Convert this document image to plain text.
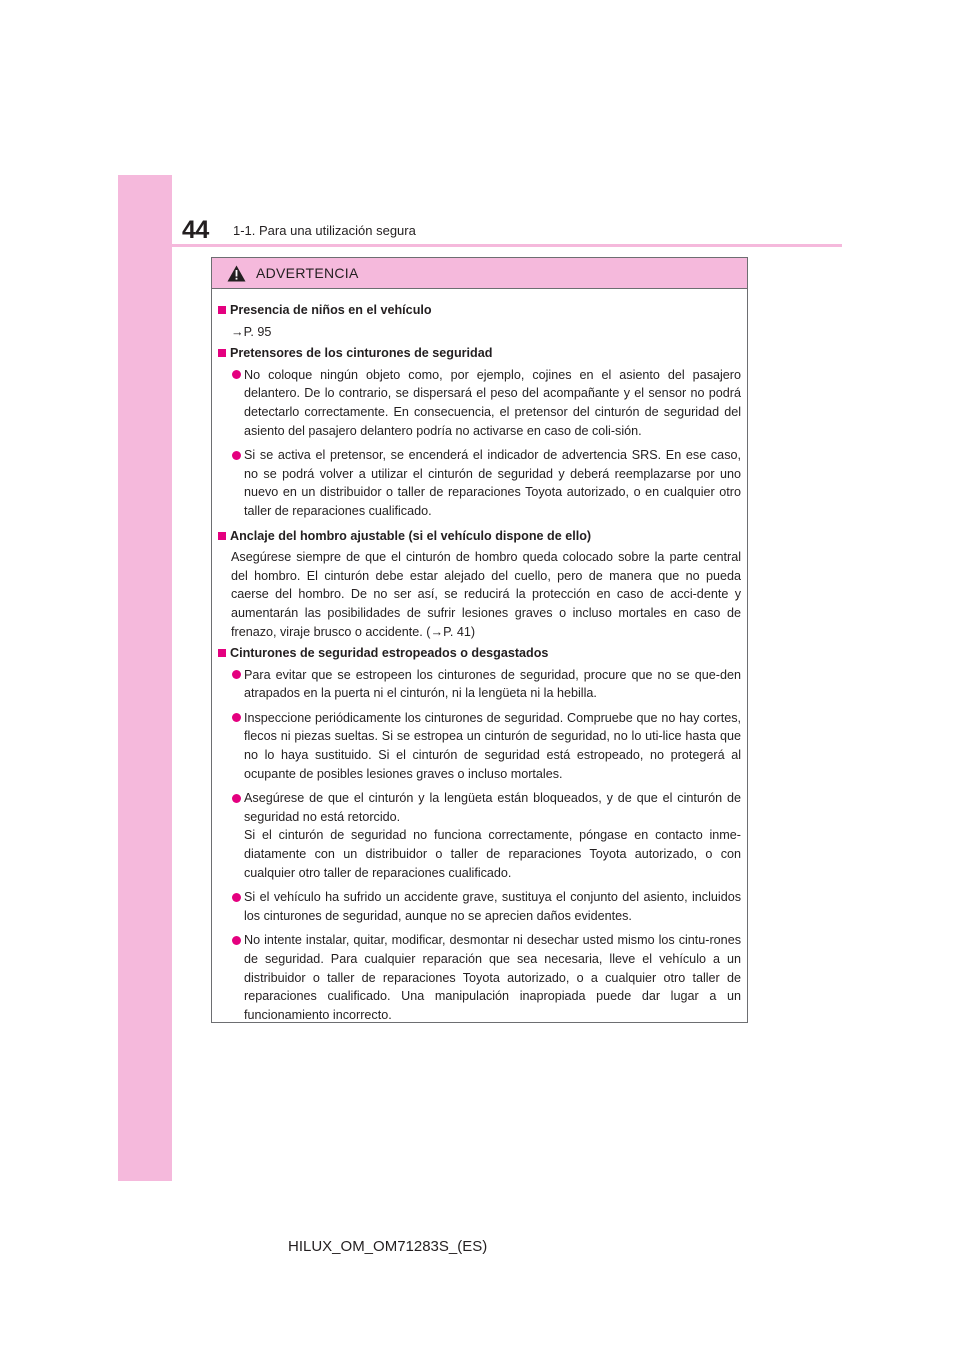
44 1-1. Para una utilización segura
ADVERTENCIA
Presencia de niños en el vehículo
→P. 95
Pretensores de los cinturones de seguridad
No coloque ningún objeto como, por ejemplo, cojines en el asiento del pasajero delantero. De lo contrario, se dispersará el peso del acompañante y el sensor no podrá detectarlo correctamente. En consecuencia, el pretensor del cinturón de seguridad del asiento del pasajero delantero podría no activarse en caso de coli-sión.
Si se activa el pretensor, se encenderá el indicador de advertencia SRS. En ese caso, no se podrá volver a utilizar el cinturón de seguridad y deberá reemplazarse por uno nuevo en un distribuidor o taller de reparaciones Toyota autorizado, o en cualquier otro taller de reparaciones cualificado.
Anclaje del hombro ajustable (si el vehículo dispone de ello)
Asegúrese siempre de que el cinturón de hombro queda colocado sobre la parte central del hombro. El cinturón debe estar alejado del cuello, pero de manera que no pueda caerse del hombro. De no ser así, se reducirá la protección en caso de acci-dente y aumentarán las posibilidades de sufrir lesiones graves o incluso mortales en caso de frenazo, viraje brusco o accidente. (→P. 41)
Cinturones de seguridad estropeados o desgastados
Para evitar que se estropeen los cinturones de seguridad, procure que no se que-den atrapados en la puerta ni el cinturón, ni la lengüeta ni la hebilla.
Inspeccione periódicamente los cinturones de seguridad. Compruebe que no hay cortes, flecos ni piezas sueltas. Si se estropea un cinturón de seguridad, no lo uti-lice hasta que no lo haya sustituido. Si el cinturón de seguridad está estropeado, no protegerá al ocupante de posibles lesiones graves o incluso mortales.
Asegúrese de que el cinturón y la lengüeta están bloqueados, y de que el cinturón de seguridad no está retorcido.
Si el cinturón de seguridad no funciona correctamente, póngase en contacto inme-diatamente con un distribuidor o taller de reparaciones Toyota autorizado, o con cualquier otro taller de reparaciones cualificado.
Si el vehículo ha sufrido un accidente grave, sustituya el conjunto del asiento, incluidos los cinturones de seguridad, aunque no se aprecien daños evidentes.
No intente instalar, quitar, modificar, desmontar ni desechar usted mismo los cintu-rones de seguridad. Para cualquier reparación que sea necesaria, lleve el vehículo a un distribuidor o taller de reparaciones Toyota autorizado, o a cualquier otro taller de reparaciones cualificado. Una manipulación inapropiada puede dar lugar a un funcionamiento incorrecto.
HILUX_OM_OM71283S_(ES)
